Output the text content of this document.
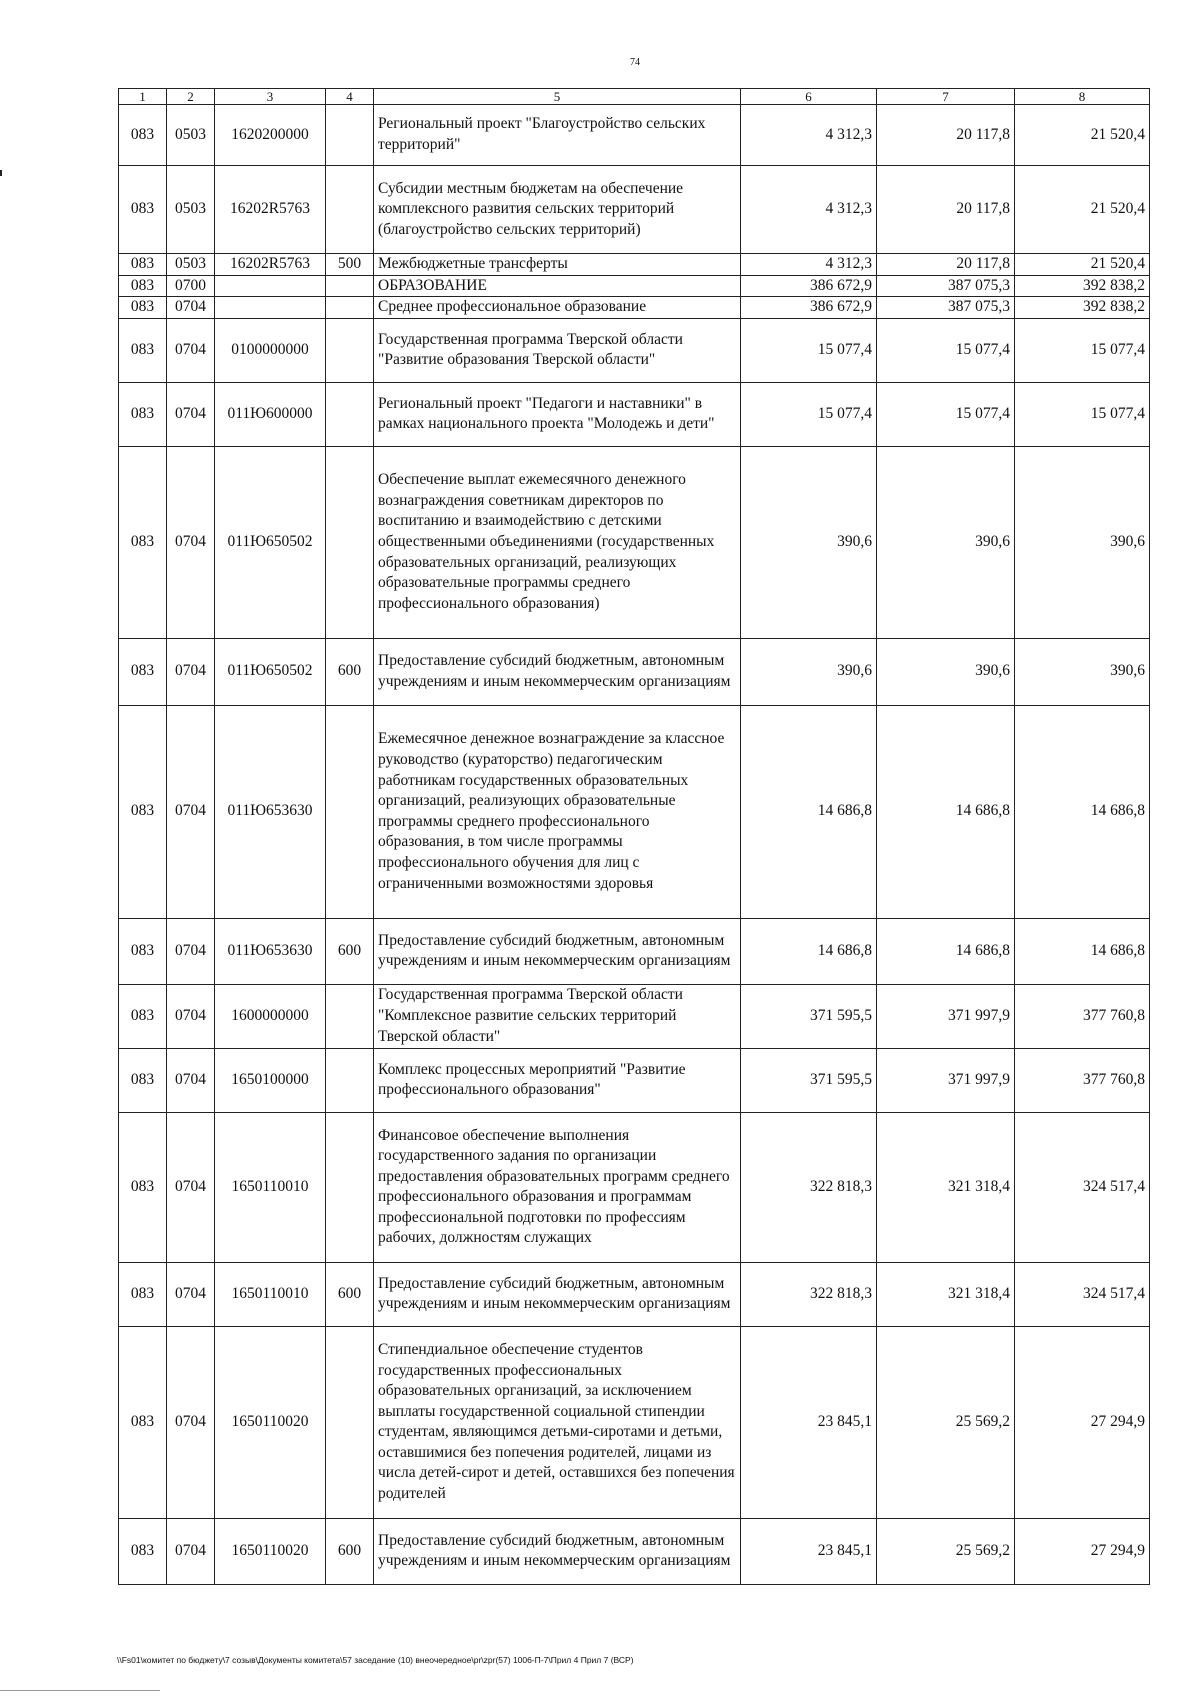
74
1	2	3	4	5	6	7	8
083	0503	1620200000		Региональный проект "Благоустройство сельских территорий"	4 312,3	20 117,8	21 520,4
083	0503	16202R5763		Субсидии местным бюджетам на обеспечение комплексного развития сельских территорий (благоустройство сельских территорий)	4 312,3	20 117,8	21 520,4
083	0503	16202R5763	500	Межбюджетные трансферты	4 312,3	20 117,8	21 520,4
083	0700			ОБРАЗОВАНИЕ	386 672,9	387 075,3	392 838,2
083	0704			Среднее профессиональное образование	386 672,9	387 075,3	392 838,2
083	0704	0100000000		Государственная программа Тверской области "Развитие образования Тверской области"	15 077,4	15 077,4	15 077,4
083	0704	011Ю600000		Региональный проект "Педагоги и наставники" в рамках национального проекта "Молодежь и дети"	15 077,4	15 077,4	15 077,4
083	0704	011Ю650502		Обеспечение выплат ежемесячного денежного вознаграждения советникам директоров по воспитанию и взаимодействию с детскими общественными объединениями (государственных образовательных организаций, реализующих образовательные программы среднего профессионального образования)	390,6	390,6	390,6
083	0704	011Ю650502	600	Предоставление субсидий бюджетным, автономным учреждениям и иным некоммерческим организациям	390,6	390,6	390,6
083	0704	011Ю653630		Ежемесячное денежное вознаграждение за классное руководство (кураторство) педагогическим работникам государственных образовательных организаций, реализующих образовательные программы среднего профессионального образования, в том числе программы профессионального обучения для лиц с ограниченными возможностями здоровья	14 686,8	14 686,8	14 686,8
083	0704	011Ю653630	600	Предоставление субсидий бюджетным, автономным учреждениям и иным некоммерческим организациям	14 686,8	14 686,8	14 686,8
083	0704	1600000000		Государственная программа Тверской области "Комплексное развитие сельских территорий Тверской области"	371 595,5	371 997,9	377 760,8
083	0704	1650100000		Комплекс процессных мероприятий "Развитие профессионального образования"	371 595,5	371 997,9	377 760,8
083	0704	1650110010		Финансовое обеспечение выполнения государственного задания по организации предоставления образовательных программ среднего профессионального образования и программам профессиональной подготовки по профессиям рабочих, должностям служащих	322 818,3	321 318,4	324 517,4
083	0704	1650110010	600	Предоставление субсидий бюджетным, автономным учреждениям и иным некоммерческим организациям	322 818,3	321 318,4	324 517,4
083	0704	1650110020		Стипендиальное обеспечение студентов государственных профессиональных образовательных организаций, за исключением выплаты государственной социальной стипендии студентам, являющимся детьми-сиротами и детьми, оставшимися без попечения родителей, лицами из числа детей-сирот и детей, оставшихся без попечения родителей	23 845,1	25 569,2	27 294,9
083	0704	1650110020	600	Предоставление субсидий бюджетным, автономным учреждениям и иным некоммерческим организациям	23 845,1	25 569,2	27 294,9
\\Fs01\комитет по бюджету\7 созыв\Документы комитета\57 заседание (10) внеочередное\pr\zpr(57) 1006-П-7\Прил 4 Прил 7 (ВСР)
